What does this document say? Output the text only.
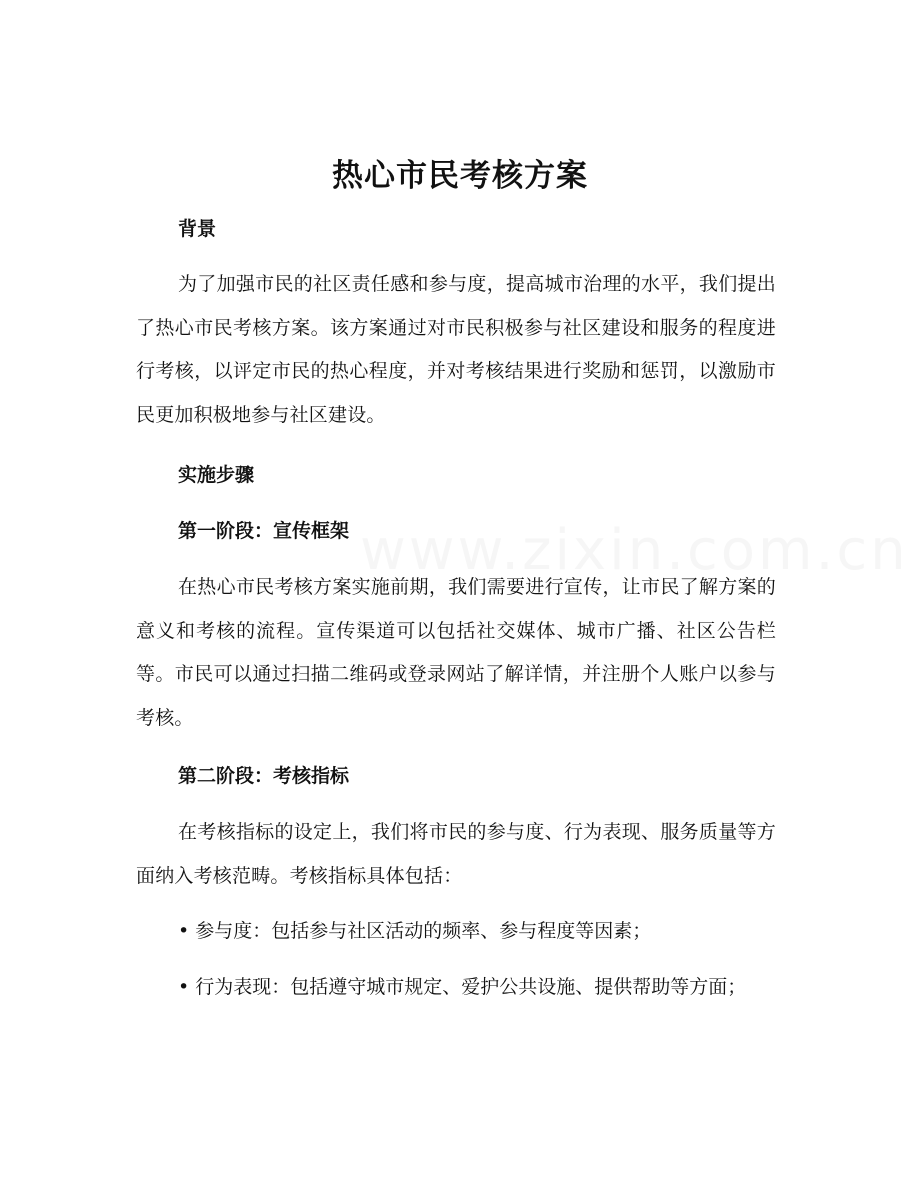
www.zixin.com.cn
热心市民考核方案
背景
为了加强市民的社区责任感和参与度，提高城市治理的水平，我们提出了热心市民考核方案。该方案通过对市民积极参与社区建设和服务的程度进行考核，以评定市民的热心程度，并对考核结果进行奖励和惩罚，以激励市民更加积极地参与社区建设。
实施步骤
第一阶段：宣传框架
在热心市民考核方案实施前期，我们需要进行宣传，让市民了解方案的意义和考核的流程。宣传渠道可以包括社交媒体、城市广播、社区公告栏等。市民可以通过扫描二维码或登录网站了解详情，并注册个人账户以参与考核。
第二阶段：考核指标
在考核指标的设定上，我们将市民的参与度、行为表现、服务质量等方面纳入考核范畴。考核指标具体包括：
• 参与度：包括参与社区活动的频率、参与程度等因素；
• 行为表现：包括遵守城市规定、爱护公共设施、提供帮助等方面；
